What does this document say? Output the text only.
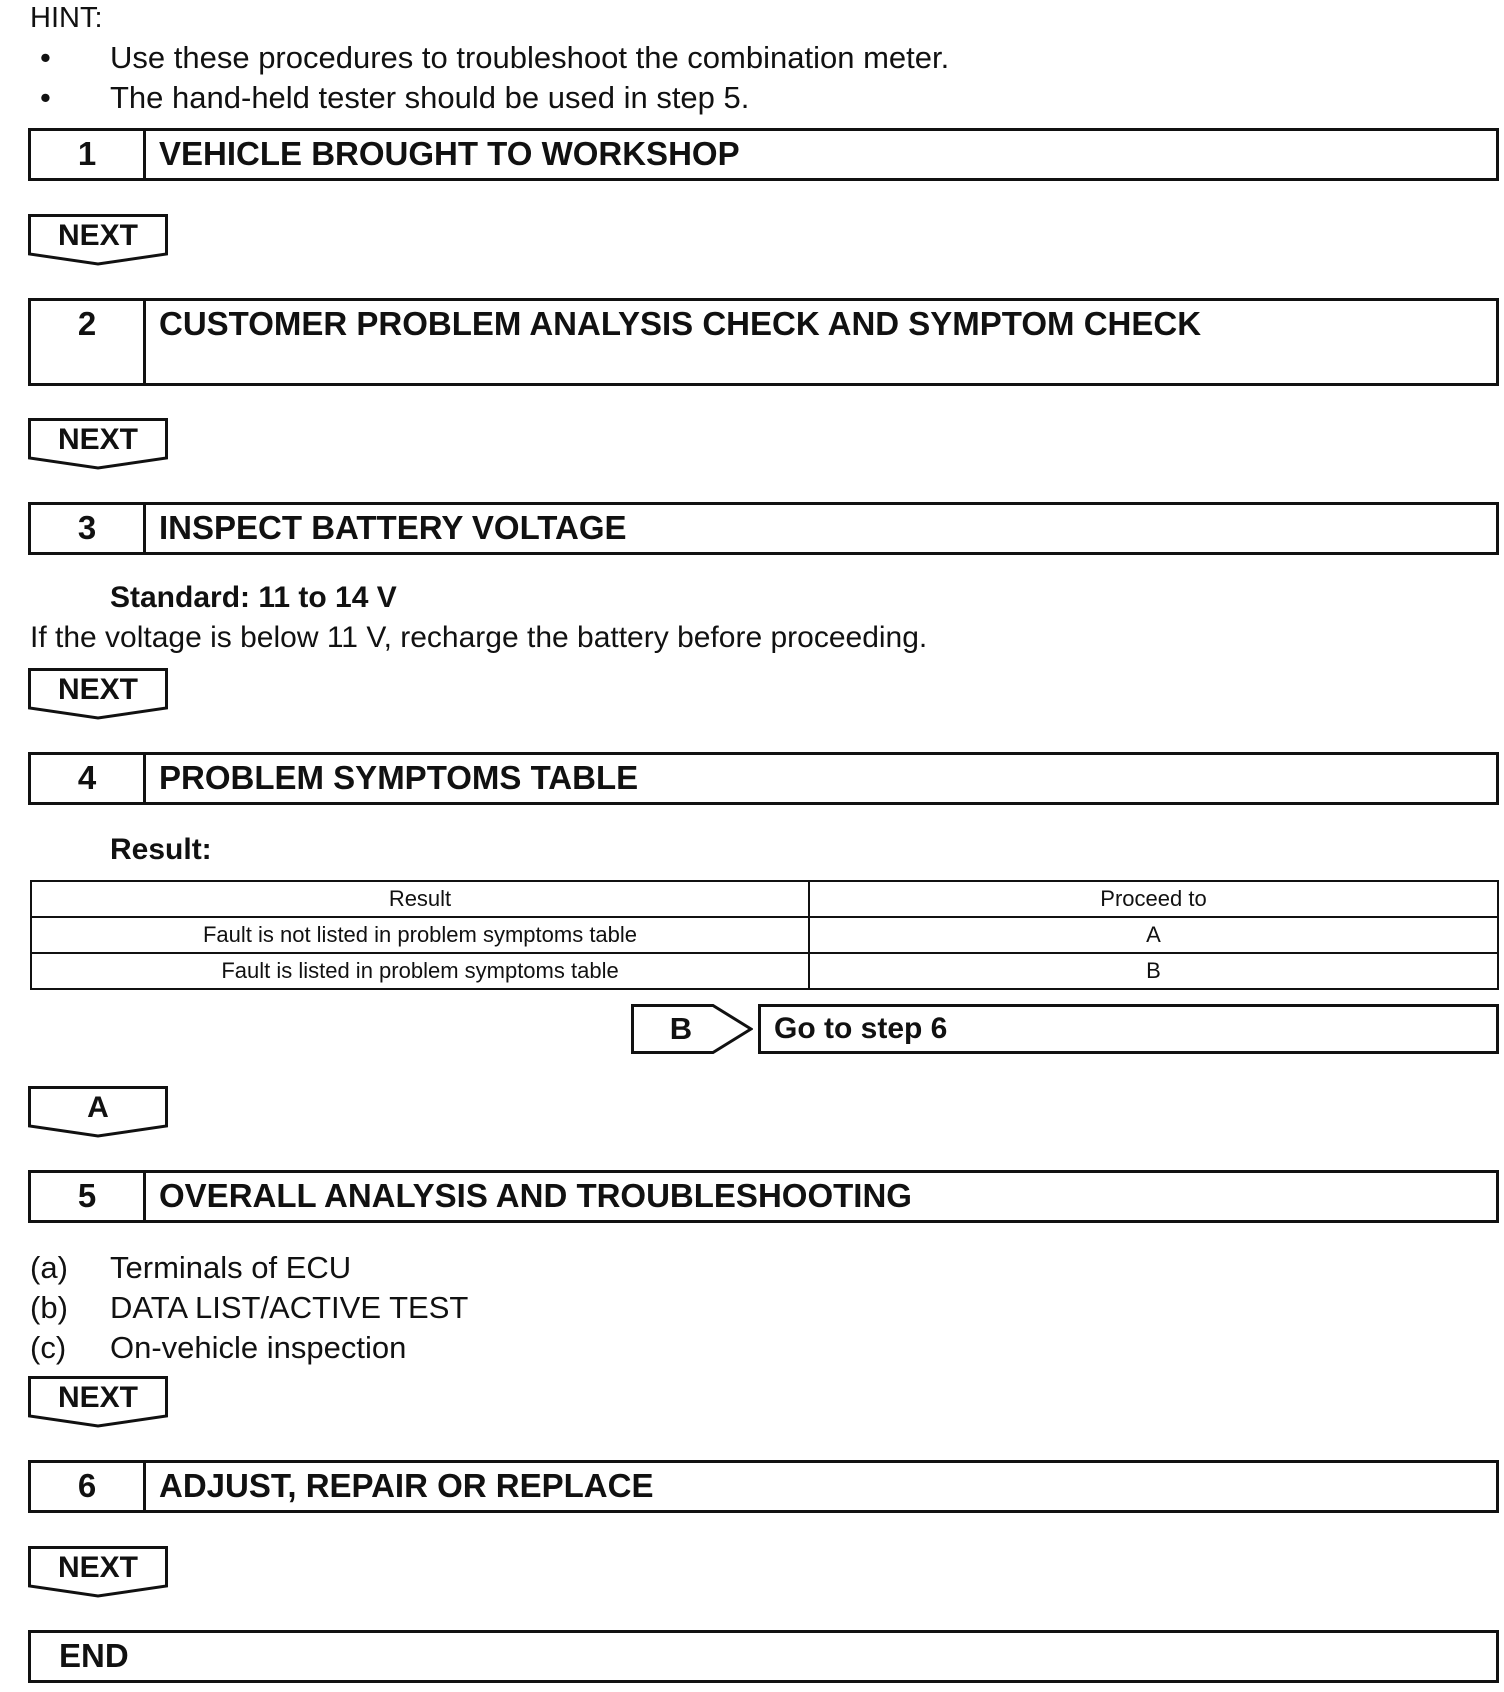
HINT:
• Use these procedures to troubleshoot the combination meter.
• The hand-held tester should be used in step 5.
1	VEHICLE BROUGHT TO WORKSHOP
NEXT
2	CUSTOMER PROBLEM ANALYSIS CHECK AND SYMPTOM CHECK
NEXT
3	INSPECT BATTERY VOLTAGE
Standard: 11 to 14 V
If the voltage is below 11 V, recharge the battery before proceeding.
NEXT
4	PROBLEM SYMPTOMS TABLE
Result:
Result	Proceed to
Fault is not listed in problem symptoms table	A
Fault is listed in problem symptoms table	B
B	Go to step 6
A
5	OVERALL ANALYSIS AND TROUBLESHOOTING
(a) Terminals of ECU
(b) DATA LIST/ACTIVE TEST
(c) On-vehicle inspection
NEXT
6	ADJUST, REPAIR OR REPLACE
NEXT
END
